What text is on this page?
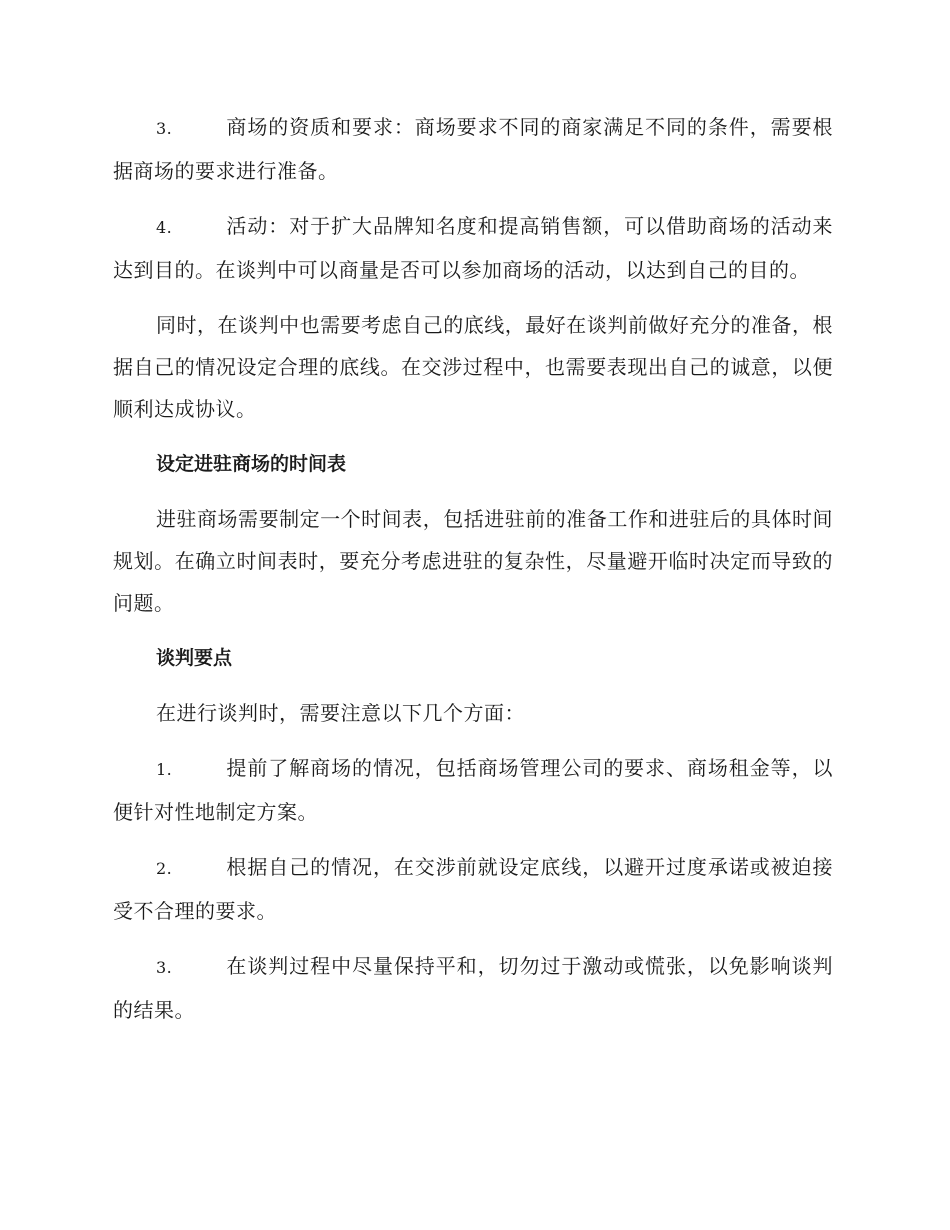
3.	商场的资质和要求：商场要求不同的商家满足不同的条件，需要根据商场的要求进行准备。

4.	活动：对于扩大品牌知名度和提高销售额，可以借助商场的活动来达到目的。在谈判中可以商量是否可以参加商场的活动，以达到自己的目的。

同时，在谈判中也需要考虑自己的底线，最好在谈判前做好充分的准备，根据自己的情况设定合理的底线。在交涉过程中，也需要表现出自己的诚意，以便顺利达成协议。

设定进驻商场的时间表

进驻商场需要制定一个时间表，包括进驻前的准备工作和进驻后的具体时间规划。在确立时间表时，要充分考虑进驻的复杂性，尽量避开临时决定而导致的问题。

谈判要点

在进行谈判时，需要注意以下几个方面：

1.	提前了解商场的情况，包括商场管理公司的要求、商场租金等，以便针对性地制定方案。

2.	根据自己的情况，在交涉前就设定底线，以避开过度承诺或被迫接受不合理的要求。

3.	在谈判过程中尽量保持平和，切勿过于激动或慌张，以免影响谈判的结果。
